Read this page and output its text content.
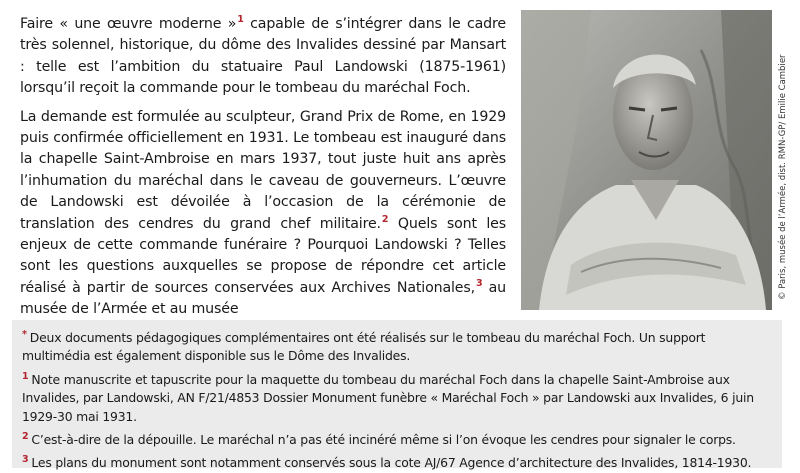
Faire « une œuvre moderne »$^1$ capable de s’intégrer dans le cadre très solennel, historique, du dôme des Invalides dessiné par Mansart : telle est l’ambition du statuaire Paul Landowski (1875-1961) lorsqu’il reçoit la commande pour le tombeau du maréchal Foch.

La demande est formulée au sculpteur, Grand Prix de Rome, en 1929 puis confirmée officiellement en 1931. Le tombeau est inauguré dans la chapelle Saint-Ambroise en mars 1937, tout juste huit ans après l’inhumation du maréchal dans le caveau de gouverneurs. L’œuvre de Landowski est dévoilée à l’occasion de la cérémonie de translation des cendres du grand chef militaire.$^2$ Quels sont les enjeux de cette commande funéraire ? Pourquoi Landowski ? Telles sont les questions auxquelles se propose de répondre cet article réalisé à partir de sources conservées aux Archives Nationales,$^3$ au musée de l’Armée et au musée

© Paris, musée de l’Armée, dist. RMN-GP/ Emilie Cambier

* Deux documents pédagogiques complémentaires ont été réalisés sur le tombeau du maréchal Foch. Un support multimédia est également disponible sus le Dôme des Invalides.

$^1$ Note manuscrite et tapuscrite pour la maquette du tombeau du maréchal Foch dans la chapelle Saint-Ambroise aux Invalides, par Landowski, AN F/21/4853 Dossier Monument funèbre « Maréchal Foch » par Landowski aux Invalides, 6 juin 1929-30 mai 1931.

$^2$ C’est-à-dire de la dépouille. Le maréchal n’a pas été incinéré même si l’on évoque les cendres pour signaler le corps.

$^3$ Les plans du monument sont notamment conservés sous la cote AJ/67 Agence d’architecture des Invalides, 1814-1930.
